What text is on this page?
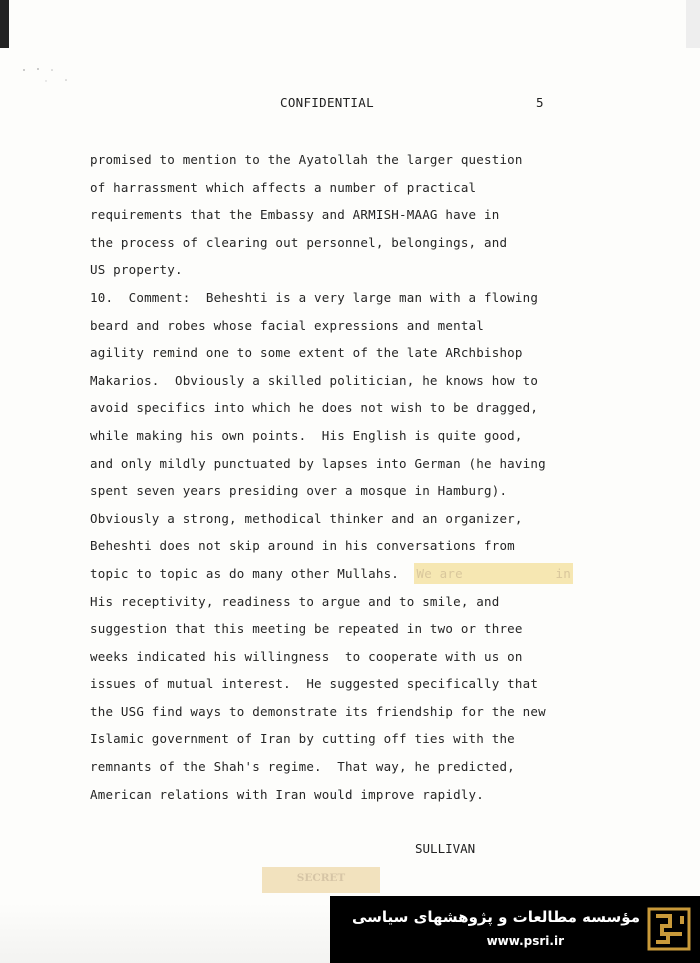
CONFIDENTIAL	5
promised to mention to the Ayatollah the larger question
of harrassment which affects a number of practical
requirements that the Embassy and ARMISH-MAAG have in
the process of clearing out personnel, belongings, and
US property.
10.  Comment:  Beheshti is a very large man with a flowing
beard and robes whose facial expressions and mental
agility remind one to some extent of the late ARchbishop
Makarios.  Obviously a skilled politician, he knows how to
avoid specifics into which he does not wish to be dragged,
while making his own points.  His English is quite good,
and only mildly punctuated by lapses into German (he having
spent seven years presiding over a mosque in Hamburg).
Obviously a strong, methodical thinker and an organizer,
Beheshti does not skip around in his conversations from
topic to topic as do many other Mullahs. We are            in
His receptivity, readiness to argue and to smile, and
suggestion that this meeting be repeated in two or three
weeks indicated his willingness  to cooperate with us on
issues of mutual interest.  He suggested specifically that
the USG find ways to demonstrate its friendship for the new
Islamic government of Iran by cutting off ties with the
remnants of the Shah's regime.  That way, he predicted,
American relations with Iran would improve rapidly.
SULLIVAN
SECRET
مؤسسه مطالعات و پژوهشهای سیاسی
www.psri.ir
